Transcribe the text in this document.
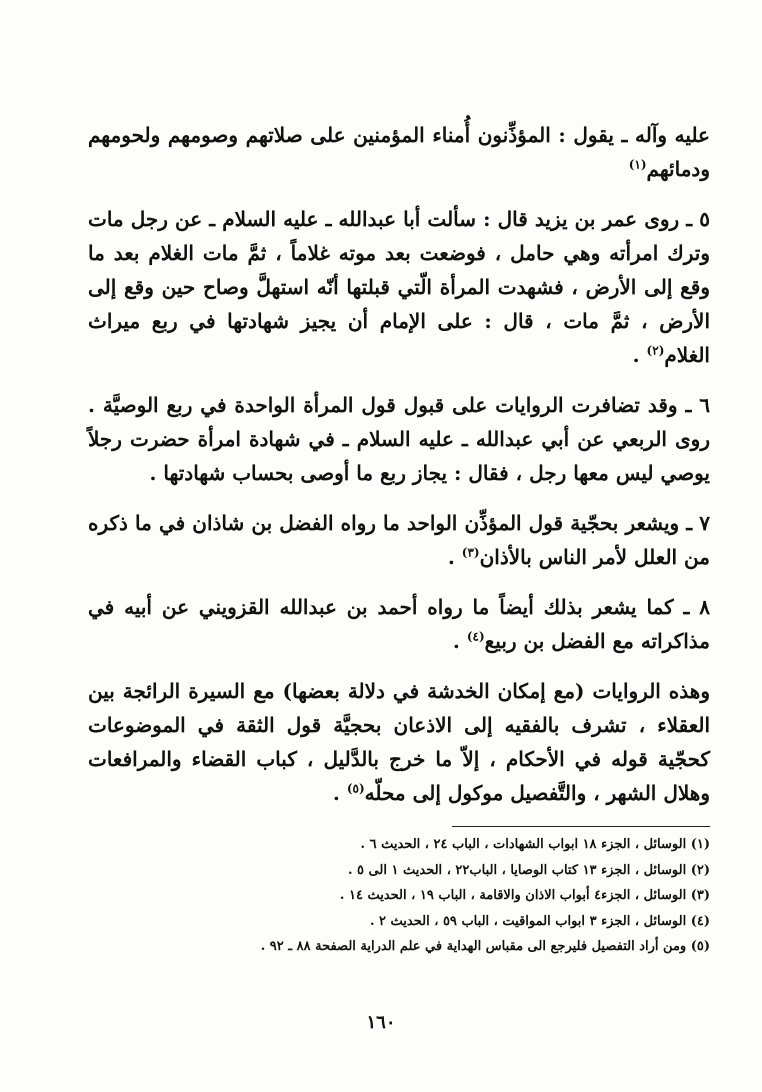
عليه وآله ـ يقول : المؤذِّنون أُمناء المؤمنين على صلاتهم وصومهم ولحومهم ودمائهم$^{(١)}$

٥ ـ روى عمر بن يزيد قال : سألت أبا عبدالله ـ عليه السلام ـ عن رجل مات وترك امرأته وهي حامل ، فوضعت بعد موته غلاماً ، ثمَّ مات الغلام بعد ما وقع إلى الأرض ، فشهدت المرأة الّتي قبلتها أنّه استهلَّ وصاح حين وقع إلى الأرض ، ثمَّ مات ، قال : على الإمام أن يجيز شهادتها في ربع ميراث الغلام$^{(٢)}$ .

٦ ـ وقد تضافرت الروايات على قبول قول المرأة الواحدة في ربع الوصيَّة . روى الربعي عن أبي عبدالله ـ عليه السلام ـ في شهادة امرأة حضرت رجلاً يوصي ليس معها رجل ، فقال : يجاز ربع ما أوصى بحساب شهادتها .

٧ ـ ويشعر بحجّية قول المؤذِّن الواحد ما رواه الفضل بن شاذان في ما ذكره من العلل لأمر الناس بالأذان$^{(٣)}$ .

٨ ـ كما يشعر بذلك أيضاً ما رواه أحمد بن عبدالله القزويني عن أبيه في مذاكراته مع الفضل بن ربيع$^{(٤)}$ .

وهذه الروايات (مع إمكان الخدشة في دلالة بعضها) مع السيرة الرائجة بين العقلاء ، تشرف بالفقيه إلى الاذعان بحجيَّة قول الثقة في الموضوعات كحجّية قوله في الأحكام ، إلاّ ما خرج بالدَّليل ، كباب القضاء والمرافعات وهلال الشهر ، والتَّفصيل موكول إلى محلّه$^{(٥)}$ .

(١) الوسائل ، الجزء ١٨ ابواب الشهادات ، الباب ٢٤ ، الحديث ٦ .

(٢) الوسائل ، الجزء ١٣ كتاب الوصايا ، الباب٢٢ ، الحديث ١ الى ٥ .

(٣) الوسائل ، الجزء٤ أبواب الاذان والاقامة ، الباب ١٩ ، الحديث ١٤ .

(٤) الوسائل ، الجزء ٣ ابواب المواقيت ، الباب ٥٩ ، الحديث ٢ .

(٥) ومن أراد التفصيل فليرجع الى مقباس الهداية في علم الدراية الصفحة ٨٨ ـ ٩٢ .

١٦٠
